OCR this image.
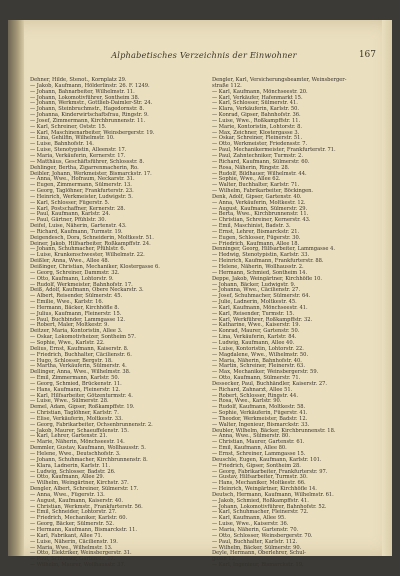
Alphabetisches Verzeichnis der Einwohner	167
Dehner, Hilde, Stenot., Kornplatz 29.
— Jakob, Kaufmann, Hölderlinstr. 26. F. 1249.
— Johann, Bahnarbeiter, Wilhelmstr. 11.
— Johann, Lokomotivführer, Sontheim 38.
— Johann, Werkmstr., Gottlieb-Daimler-Str. 24.
— Johann, Steinbruchmstr., Hagedornstr. 8.
— Johanna, Kinderwirtschaftsfrau, Ringstr. 9.
— Josef, Zimmermann, Kirchbrunnenstr. 11.
— Karl, Schreiner, Oststr. 15.
— Karl, Maschinenarbeiter, Weinsbergerstr. 19.
— Lina, Gehilfin, Wilhelmstr. 10.
— Luise, Bahnhofstr. 14.
— Luise, Stenotypistin, Alleenstr. 17.
— Maria, Verkäuferin, Kernerstr. 17.
— Matthäus, Geschäftsführer, Schlossstr. 8.
Dehlinger, Bertha, Zigarrenmacherin, Ro.
Deibler, Johann, Werkmeister, Bismarckstr. 17.
— Anna, Wwe., Hofraum, Neckarstr. 31.
— Eugen, Zimmermann, Sülmerstr. 13.
— Georg, Taglöhner, Frankfurterstr. 23.
— Heinrich, Werkmeister, Ludwigstr. 5.
— Karl, Schlosser, Fügerstr. 5.
— Karl, Postschaffner, Kernerstr. 28.
— Paul, Kaufmann, Karlstr. 24.
— Paul, Gärtner, Pfühlstr. 30.
Deifel, Luise, Näherin, Gartenstr. 43.
— Richard, Kaufmann, Turmstr. 19.
Deigendesch, Dora, Schneiderin, Moltkestr. 51.
Deiner, Jakob, Hilfsarbeiter, Roßkampffstr. 24.
— Johann, Schuhmacher, Pfühlstr. 6.
— Luise, Krankenschwester, Wilhelmstr. 22.
Deißler, Anna, Wwe., Allee 48.
Deißinger, Christian, Mechaniker, Klostergasse 6.
— Georg, Schreiner, Dammstr. 32.
— Otto, Kaufmann, Lohtorstr. 9.
— Rudolf, Werkmeister, Bahnhofstr. 17.
Deiß, Adolf, Kaufmann, Obere Neckarstr. 3.
— Albert, Reisender, Sülmerstr. 45.
— Emilie, Wwe., Karlstr. 16.
— Hermann, Bäcker, Kirchhöfle 8.
— Julius, Kaufmann, Fleinerstr. 15.
— Paul, Buchbinder, Lammgasse 12.
— Robert, Maler, Moltkestr. 9.
Deitzer, Maria, Kontoristin, Allee 3.
— Oskar, Lokomotivheizer, Sontheim 57.
— Sophie, Wwe., Karlstr. 22.
Delius, Ernst, Kaufmann, Kaiserstr. 8.
— Friedrich, Buchhalter, Cäcilienstr. 6.
— Hugo, Schlosser, Bergstr. 18.
— Martha, Verkäuferin, Sülmerstr. 4.
Dellinger, Anna, Wwe., Wilhelmstr. 38.
— Emil, Zimmermann, Karlstr. 50.
— Georg, Schmied, Brückenstr. 11.
— Hans, Kaufmann, Fleinerstr. 12.
— Karl, Hilfsarbeiter, Götzenturmstr. 4.
— Luise, Wwe., Sülmerstr. 28.
Demel, Adam, Gipser, Roßkampffstr. 19.
— Christian, Taglöhner, Karlstr. 7.
— Elise, Verkäuferin, Moltkestr. 33.
— Georg, Fabrikarbeiter, Ochsenbrunnenstr. 2.
— Jakob, Maurer, Schaeuffelenstr. 15.
— Karl, Lehrer, Gartenstr. 21.
— Marie, Näherin, Mönchseestr. 14.
Demmler, Gustav, Kaufmann, Wollhausstr. 5.
— Helene, Wwe., Deutschhofstr. 3.
— Johann, Schuhmacher, Kirchbrunnenstr. 8.
— Klara, Ladnerin, Karlstr. 11.
— Ludwig, Schlosser, Badstr. 26.
— Otto, Kaufmann, Allee 29.
— Wilhelm, Weingärtner, Kirchstr. 37.
Dengler, Albert, Schreiner, Sülmerstr. 17.
— Anna, Wwe., Fügerstr. 13.
— August, Kaufmann, Kaiserstr. 40.
— Christian, Werkmstr., Frankfurterstr. 56.
— Emil, Schneider, Lohtorstr. 27.
— Friedrich, Mechaniker, Karlstr. 60.
— Georg, Bäcker, Sülmerstr. 52.
— Hermann, Kaufmann, Bismarckstr. 11.
— Karl, Fabrikant, Allee 71.
— Luise, Näherin, Cäcilienstr. 19.
— Maria, Wwe., Wilhelmstr. 13.
— Otto, Elektriker, Weinsbergerstr. 31.
— Paul, Schlosser, Gartenstr. 27.
— Wilhelm, Maurer, Wollhausstr. 37.
Dengler, Karl, Versicherungsbeamter, Weinsberger-
straße 112.
— Karl, Kaufmann, Mönchseestr. 20.
— Karl, Verkäufer, Hafenmarkt 15.
— Karl, Schlosser, Sülmerstr. 41.
— Klara, Verkäuferin, Karlstr. 50.
— Konrad, Gipser, Bahnhofstr. 36.
— Luise, Wwe., Roßkampffstr. 11.
— Marie, Kontoristin, Lohtorstr. 8.
— Max, Zeichner, Klostergasse 3.
— Oskar, Schreiner, Fleinerstr. 51.
— Otto, Werkmeister, Friedensstr. 7.
— Paul, Mechanikermeister, Frankfurterstr. 71.
— Paul, Zahntechniker, Turmstr. 2.
— Richard, Kaufmann, Sülmerstr. 60.
— Rosa, Näherin, Ringstr. 28.
— Rudolf, Bildhauer, Wilhelmstr. 44.
— Sophie, Wwe., Allee 62.
— Walter, Buchhalter, Karlstr. 71.
— Wilhelm, Fabrikarbeiter, Böckingen.
Denk, Adolf, Gipser, Gartenstr. 40.
— Anna, Verkäuferin, Moltkestr. 12.
— August, Kaufmann, Sülmerstr. 29.
— Berta, Wwe., Kirchbrunnenstr. 11.
— Christian, Schreiner, Kernerstr. 43.
— Emil, Maschinist, Badstr. 3.
— Ernst, Lehrer, Bismarckstr. 21.
— Eugen, Schlosser, Fügerstr. 30.
— Friedrich, Kaufmann, Allee 18.
Denninger, Georg, Hilfsarbeiter, Lammgasse 4.
— Hedwig, Stenotypistin, Karlstr. 33.
— Heinrich, Kaufmann, Frankfurterstr. 88.
— Helene, Näherin, Wollhausstr. 2.
— Hermann, Schmied, Sontheim 14.
Deppe, Jakob, Weingärtner, Kirchhöfle 10.
— Johann, Bäcker, Ludwigstr. 9.
— Johanna, Wwe., Cäcilienstr. 27.
— Josef, Schuhmacher, Sülmerstr. 64.
— Julie, Ladnerin, Moltkestr. 45.
— Karl, Kaufmann, Mönchseestr. 41.
— Karl, Reisender, Turmstr. 15.
— Karl, Werkführer, Roßkampffstr. 32.
— Katharine, Wwe., Kaiserstr. 19.
— Konrad, Maurer, Gartenstr. 50.
— Lina, Verkäuferin, Karlstr. 84.
— Ludwig, Kaufmann, Allee 40.
— Luise, Kontoristin, Lohtorstr. 22.
— Magdalene, Wwe., Wilhelmstr. 50.
— Maria, Näherin, Bahnhofstr. 40.
— Martin, Schreiner, Fleinerstr. 63.
— Max, Mechaniker, Weinsbergerstr. 59.
— Otto, Kaufmann, Sülmerstr. 71.
Dessecker, Paul, Buchhändler, Kaiserstr. 27.
— Richard, Zahnarzt, Allee 51.
— Robert, Schlosser, Ringstr. 44.
— Rosa, Wwe., Karlstr. 90.
— Rudolf, Kaufmann, Moltkestr. 58.
— Sophie, Verkäuferin, Fügerstr. 41.
— Theodor, Werkmeister, Badstr. 12.
— Walter, Ingenieur, Bismarckstr. 33.
Deubler, Wilhelm, Bäcker, Kirchbrunnenstr. 18.
— Anna, Wwe., Sülmerstr. 80.
— Christian, Maurer, Gartenstr. 61.
— Emil, Kaufmann, Allee 80.
— Ernst, Schreiner, Lammgasse 15.
Deuschle, Eugen, Kaufmann, Karlstr. 101.
— Friedrich, Gipser, Sontheim 28.
— Georg, Fabrikarbeiter, Frankfurterstr. 97.
— Gustav, Hilfsarbeiter, Turmstr. 30.
— Hans, Mechaniker, Moltkestr. 66.
— Heinrich, Weingärtner, Kirchhöfle 14.
Deutsch, Hermann, Kaufmann, Wilhelmstr. 61.
— Jakob, Schmied, Roßkampffstr. 41.
— Johann, Lokomotivführer, Bahnhofstr. 52.
— Karl, Schuhmacher, Fleinerstr. 72.
— Karl, Kaufmann, Allee 95.
— Luise, Wwe., Kaiserstr. 36.
— Maria, Näherin, Gartenstr. 70.
— Otto, Schlosser, Weinsbergerstr. 70.
— Paul, Buchhalter, Karlstr. 112.
— Wilhelm, Bäcker, Sülmerstr. 90.
Deyle, Hermann, Oberlehrer, Schul-
gasse 12.
— Karl, Ingenieur, Bismarckstr. 19.
